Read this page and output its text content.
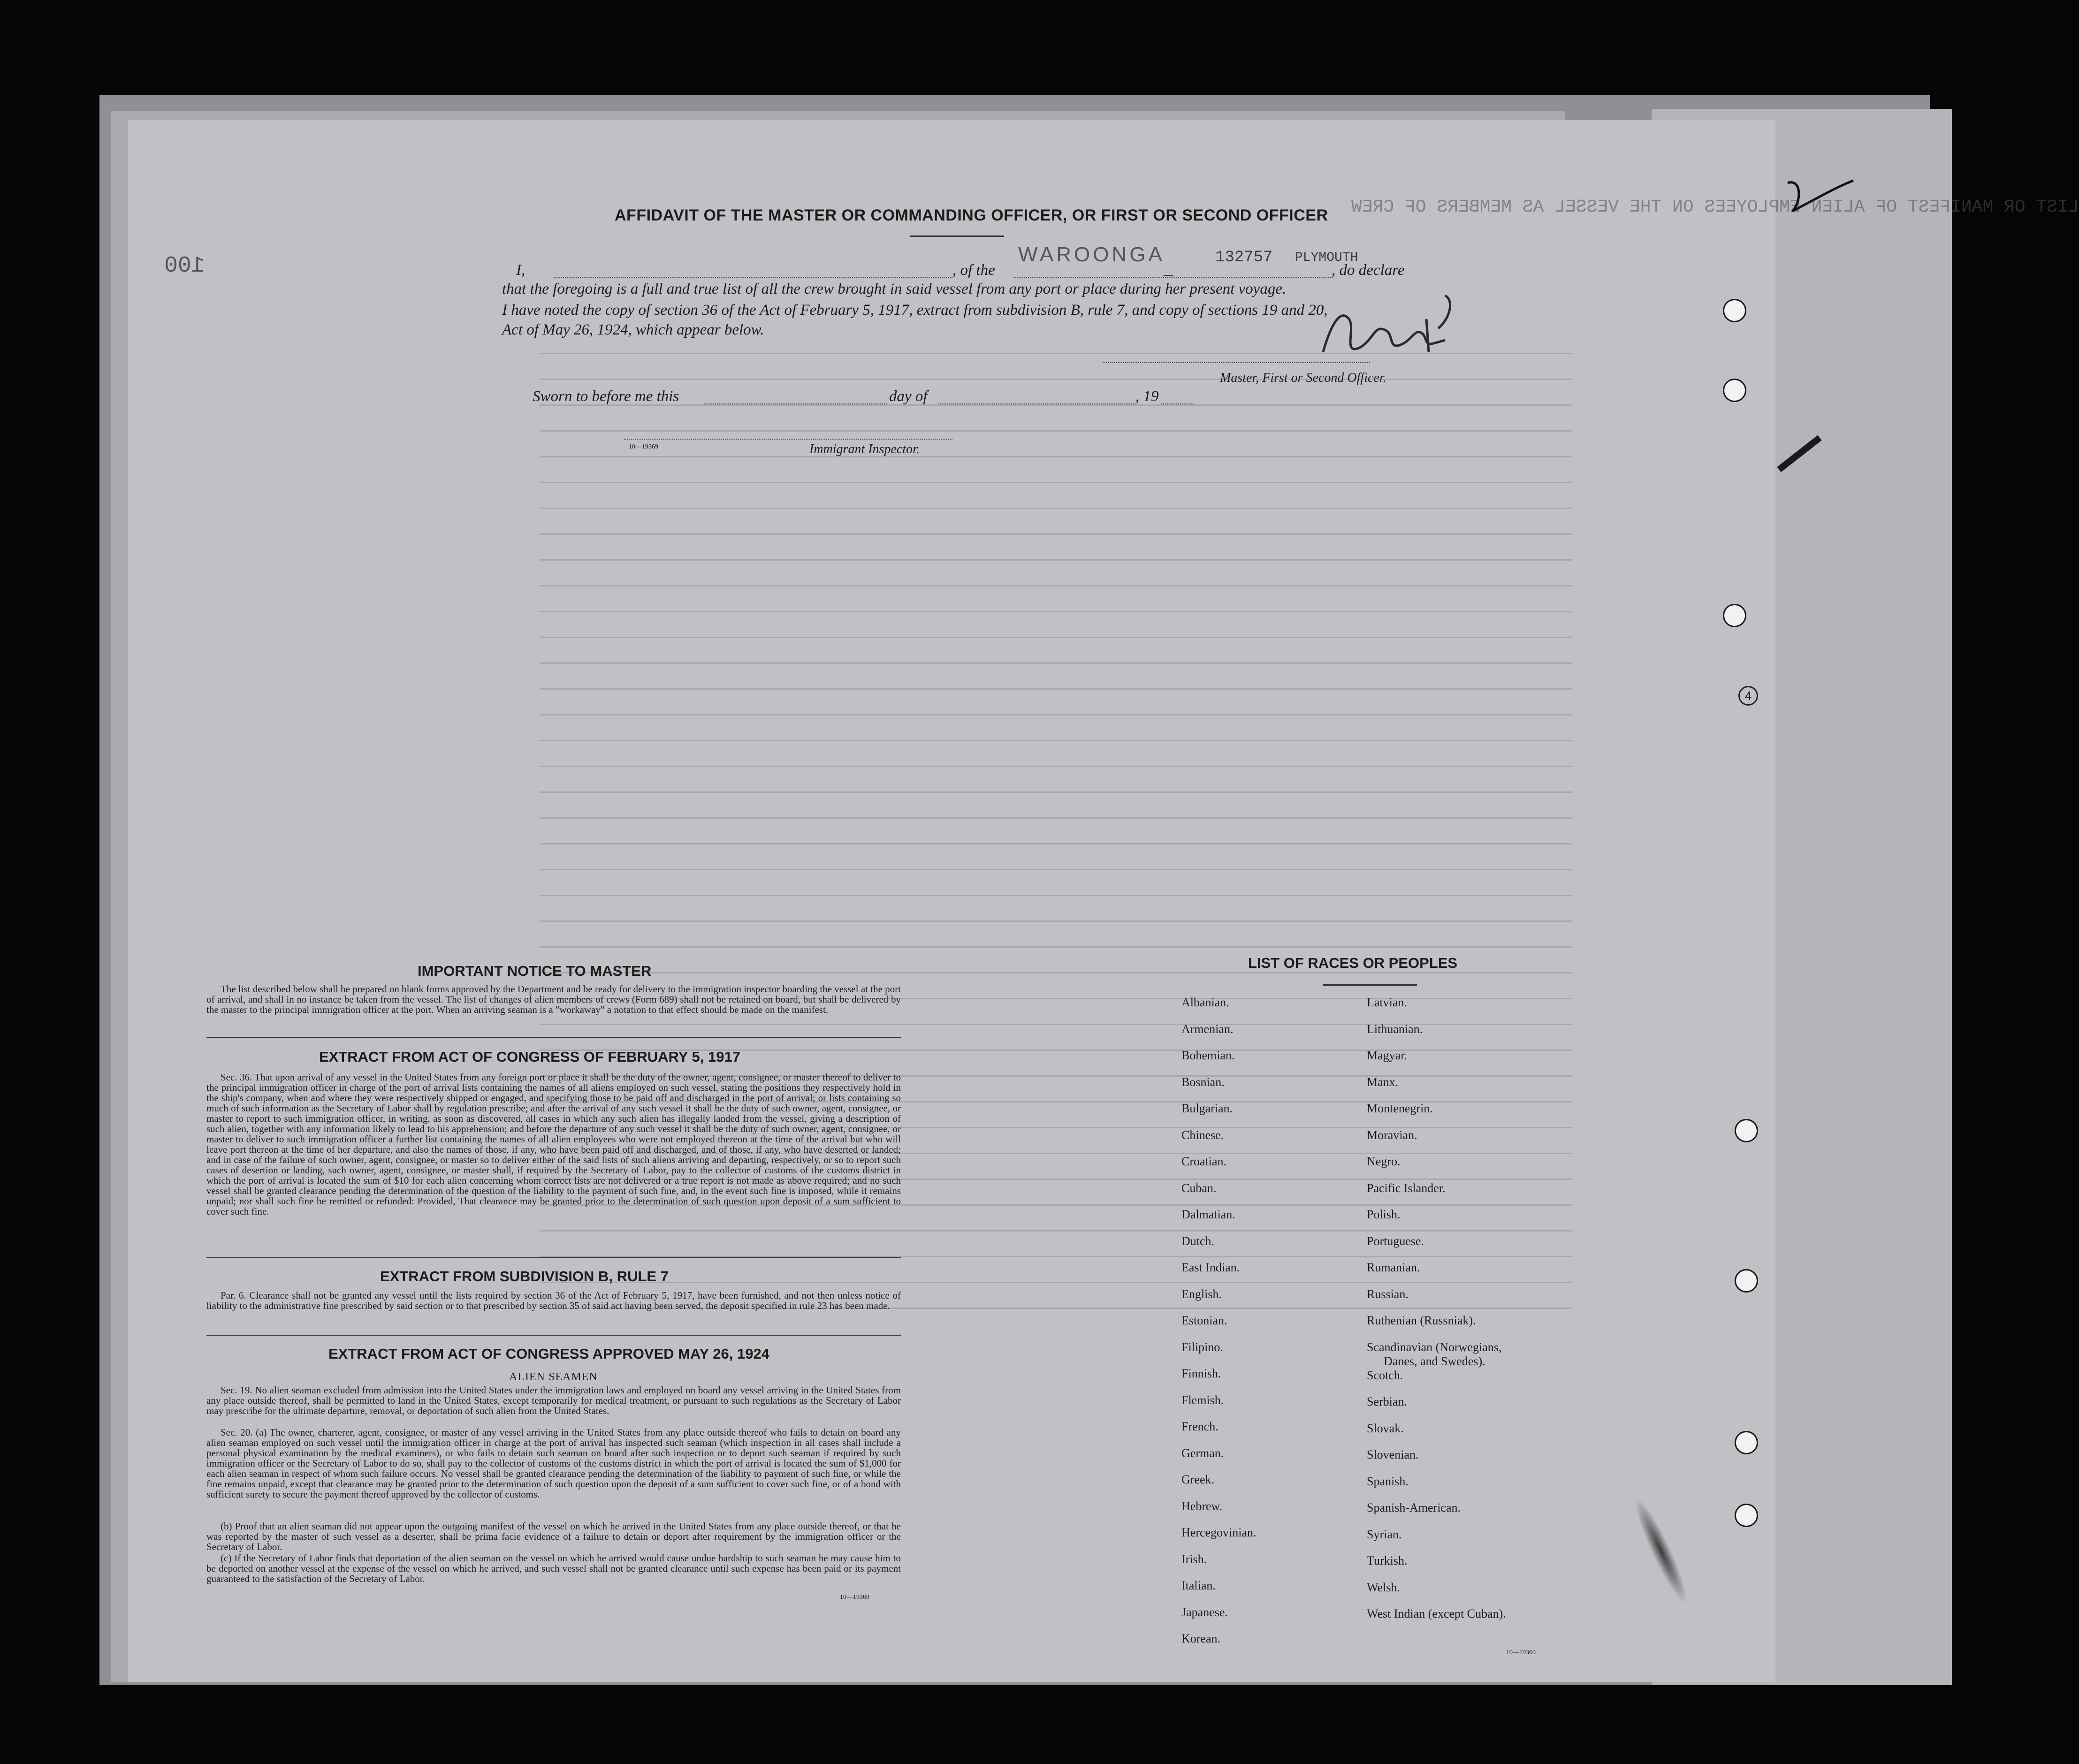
LIST OR MANIFEST OF ALIEN EMPLOYEES ON THE VESSEL AS MEMBERS OF CREW
100
AFFIDAVIT OF THE MASTER OR COMMANDING OFFICER, OR FIRST OR SECOND OFFICER
I,	, of the
WAROONGA
_	132757 PLYMOUTH
, do declare
that the foregoing is a full and true list of all the crew brought in said vessel from any port or place during her present voyage.
I have noted the copy of section 36 of the Act of February 5, 1917, extract from subdivision B, rule 7, and copy of sections 19 and 20,
Act of May 26, 1924, which appear below.
Master, First or Second Officer.
Sworn to before me this	day of	, 19
10—19369	Immigrant Inspector.
IMPORTANT NOTICE TO MASTER
The list described below shall be prepared on blank forms approved by the Department and be ready for delivery to the immigration inspector boarding the vessel at the port of arrival, and shall in no instance be taken from the vessel. The list of changes of alien members of crews (Form 689) shall not be retained on board, but shall be delivered by the master to the principal immigration officer at the port. When an arriving seaman is a "workaway" a notation to that effect should be made on the manifest.
EXTRACT FROM ACT OF CONGRESS OF FEBRUARY 5, 1917
Sec. 36. That upon arrival of any vessel in the United States from any foreign port or place it shall be the duty of the owner, agent, consignee, or master thereof to deliver to the principal immigration officer in charge of the port of arrival lists containing the names of all aliens employed on such vessel, stating the positions they respectively hold in the ship's company, when and where they were respectively shipped or engaged, and specifying those to be paid off and discharged in the port of arrival; or lists containing so much of such information as the Secretary of Labor shall by regulation prescribe; and after the arrival of any such vessel it shall be the duty of such owner, agent, consignee, or master to report to such immigration officer, in writing, as soon as discovered, all cases in which any such alien has illegally landed from the vessel, giving a description of such alien, together with any information likely to lead to his apprehension; and before the departure of any such vessel it shall be the duty of such owner, agent, consignee, or master to deliver to such immigration officer a further list containing the names of all alien employees who were not employed thereon at the time of the arrival but who will leave port thereon at the time of her departure, and also the names of those, if any, who have been paid off and discharged, and of those, if any, who have deserted or landed; and in case of the failure of such owner, agent, consignee, or master so to deliver either of the said lists of such aliens arriving and departing, respectively, or so to report such cases of desertion or landing, such owner, agent, consignee, or master shall, if required by the Secretary of Labor, pay to the collector of customs of the customs district in which the port of arrival is located the sum of $10 for each alien concerning whom correct lists are not delivered or a true report is not made as above required; and no such vessel shall be granted clearance pending the determination of the question of the liability to the payment of such fine, and, in the event such fine is imposed, while it remains unpaid; nor shall such fine be remitted or refunded: Provided, That clearance may be granted prior to the determination of such question upon deposit of a sum sufficient to cover such fine.
EXTRACT FROM SUBDIVISION B, RULE 7
Par. 6. Clearance shall not be granted any vessel until the lists required by section 36 of the Act of February 5, 1917, have been furnished, and not then unless notice of liability to the administrative fine prescribed by said section or to that prescribed by section 35 of said act having been served, the deposit specified in rule 23 has been made.
EXTRACT FROM ACT OF CONGRESS APPROVED MAY 26, 1924
ALIEN SEAMEN
Sec. 19. No alien seaman excluded from admission into the United States under the immigration laws and employed on board any vessel arriving in the United States from any place outside thereof, shall be permitted to land in the United States, except temporarily for medical treatment, or pursuant to such regulations as the Secretary of Labor may prescribe for the ultimate departure, removal, or deportation of such alien from the United States.
Sec. 20. (a) The owner, charterer, agent, consignee, or master of any vessel arriving in the United States from any place outside thereof who fails to detain on board any alien seaman employed on such vessel until the immigration officer in charge at the port of arrival has inspected such seaman (which inspection in all cases shall include a personal physical examination by the medical examiners), or who fails to detain such seaman on board after such inspection or to deport such seaman if required by such immigration officer or the Secretary of Labor to do so, shall pay to the collector of customs of the customs district in which the port of arrival is located the sum of $1,000 for each alien seaman in respect of whom such failure occurs. No vessel shall be granted clearance pending the determination of the liability to payment of such fine, or while the fine remains unpaid, except that clearance may be granted prior to the determination of such question upon the deposit of a sum sufficient to cover such fine, or of a bond with sufficient surety to secure the payment thereof approved by the collector of customs.
(b) Proof that an alien seaman did not appear upon the outgoing manifest of the vessel on which he arrived in the United States from any place outside thereof, or that he was reported by the master of such vessel as a deserter, shall be prima facie evidence of a failure to detain or deport after requirement by the immigration officer or the Secretary of Labor.
(c) If the Secretary of Labor finds that deportation of the alien seaman on the vessel on which he arrived would cause undue hardship to such seaman he may cause him to be deported on another vessel at the expense of the vessel on which he arrived, and such vessel shall not be granted clearance until such expense has been paid or its payment guaranteed to the satisfaction of the Secretary of Labor.
10—19369
LIST OF RACES OR PEOPLES
Albanian.
Armenian.
Bohemian.
Bosnian.
Bulgarian.
Chinese.
Croatian.
Cuban.
Dalmatian.
Dutch.
East Indian.
English.
Estonian.
Filipino.
Finnish.
Flemish.
French.
German.
Greek.
Hebrew.
Hercegovinian.
Irish.
Italian.
Japanese.
Korean.
Latvian.
Lithuanian.
Magyar.
Manx.
Montenegrin.
Moravian.
Negro.
Pacific Islander.
Polish.
Portuguese.
Rumanian.
Russian.
Ruthenian (Russniak).
Scandinavian (Norwegians,
Danes, and Swedes).
Scotch.
Serbian.
Slovak.
Slovenian.
Spanish.
Spanish-American.
Syrian.
Turkish.
Welsh.
West Indian (except Cuban).
10—19369
4
